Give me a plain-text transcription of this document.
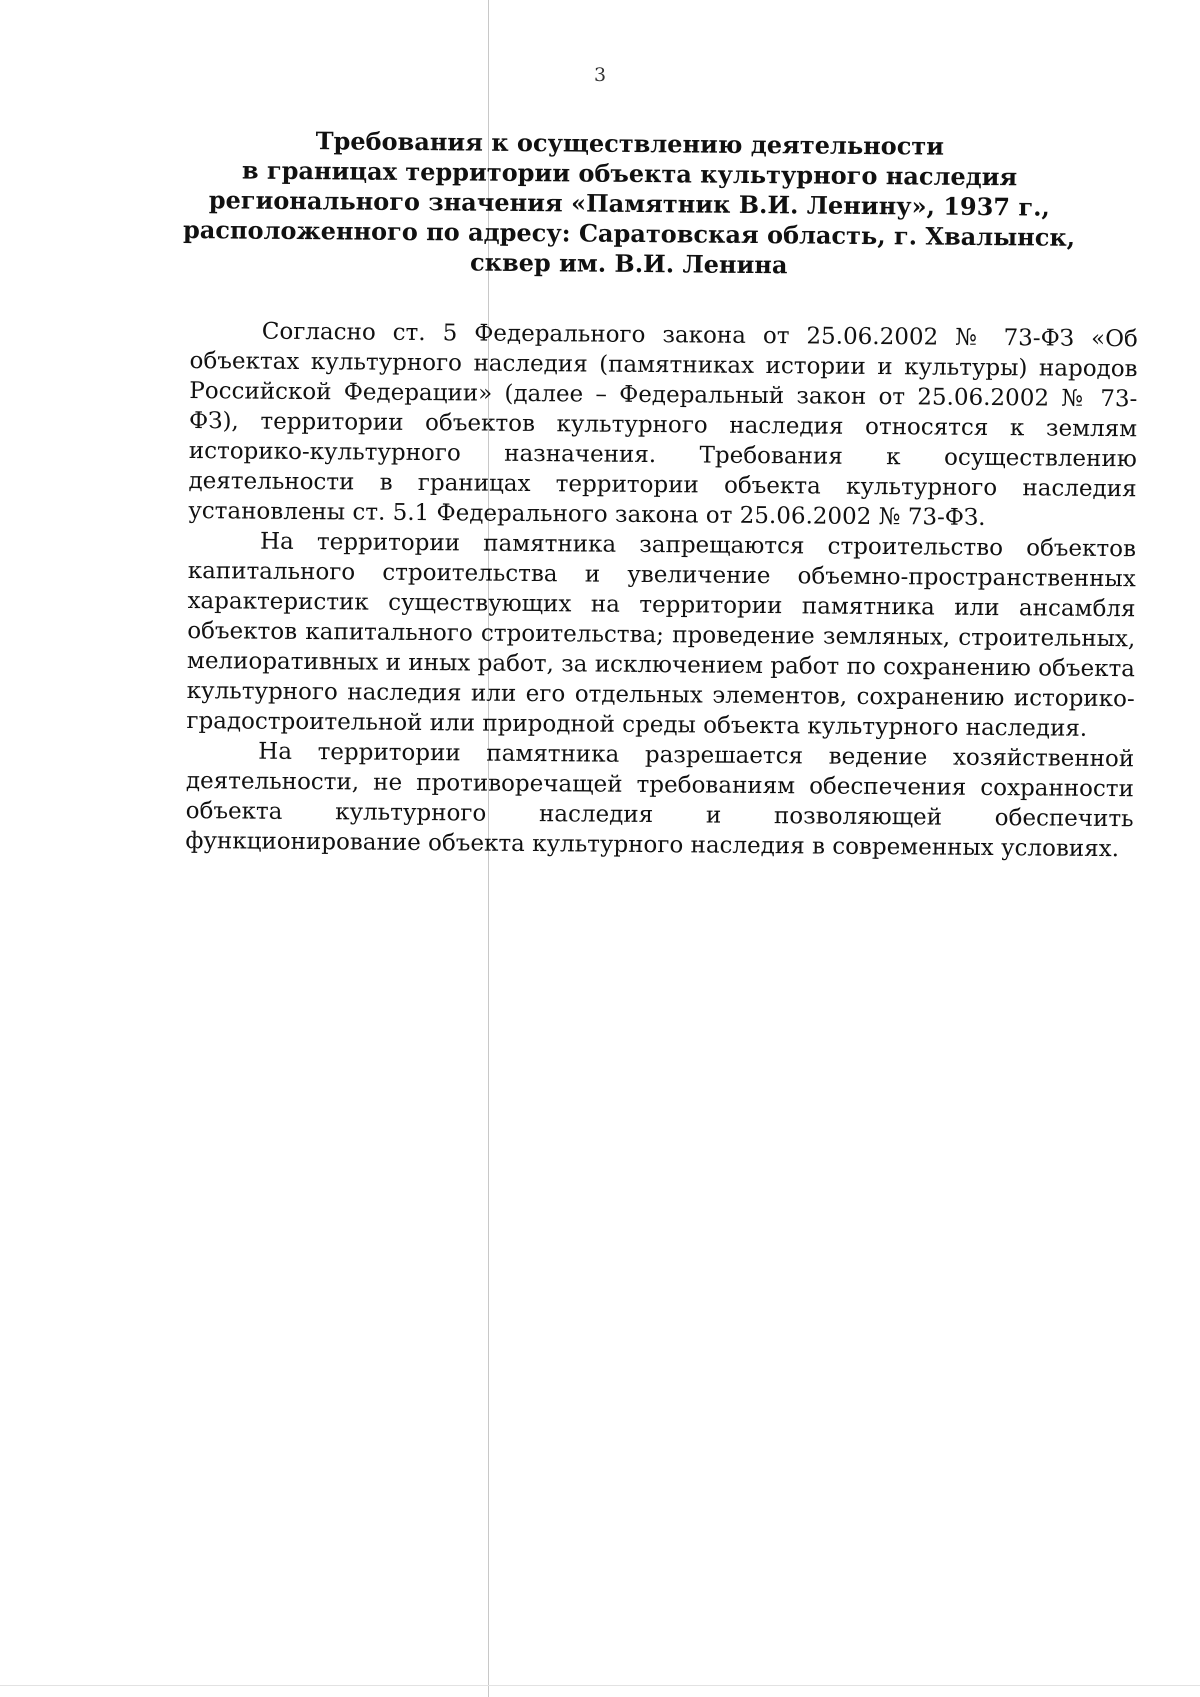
3
Требования к осуществлению деятельности
в границах территории объекта культурного наследия
регионального значения «Памятник В.И. Ленину», 1937 г.,
расположенного по адресу: Саратовская область, г. Хвалынск,
сквер им. В.И. Ленина

Согласно ст. 5 Федерального закона от 25.06.2002 № 73-ФЗ «Об объектах культурного наследия (памятниках истории и культуры) народов Российской Федерации» (далее – Федеральный закон от 25.06.2002 № 73-ФЗ), территории объектов культурного наследия относятся к землям историко-культурного назначения. Требования к осуществлению деятельности в границах территории объекта культурного наследия установлены ст. 5.1 Федерального закона от 25.06.2002 № 73-ФЗ.

На территории памятника запрещаются строительство объектов капитального строительства и увеличение объемно-пространственных характеристик существующих на территории памятника или ансамбля объектов капитального строительства; проведение земляных, строительных, мелиоративных и иных работ, за исключением работ по сохранению объекта культурного наследия или его отдельных элементов, сохранению историко-градостроительной или природной среды объекта культурного наследия.

На территории памятника разрешается ведение хозяйственной деятельности, не противоречащей требованиям обеспечения сохранности объекта культурного наследия и позволяющей обеспечить функционирование объекта культурного наследия в современных условиях.
